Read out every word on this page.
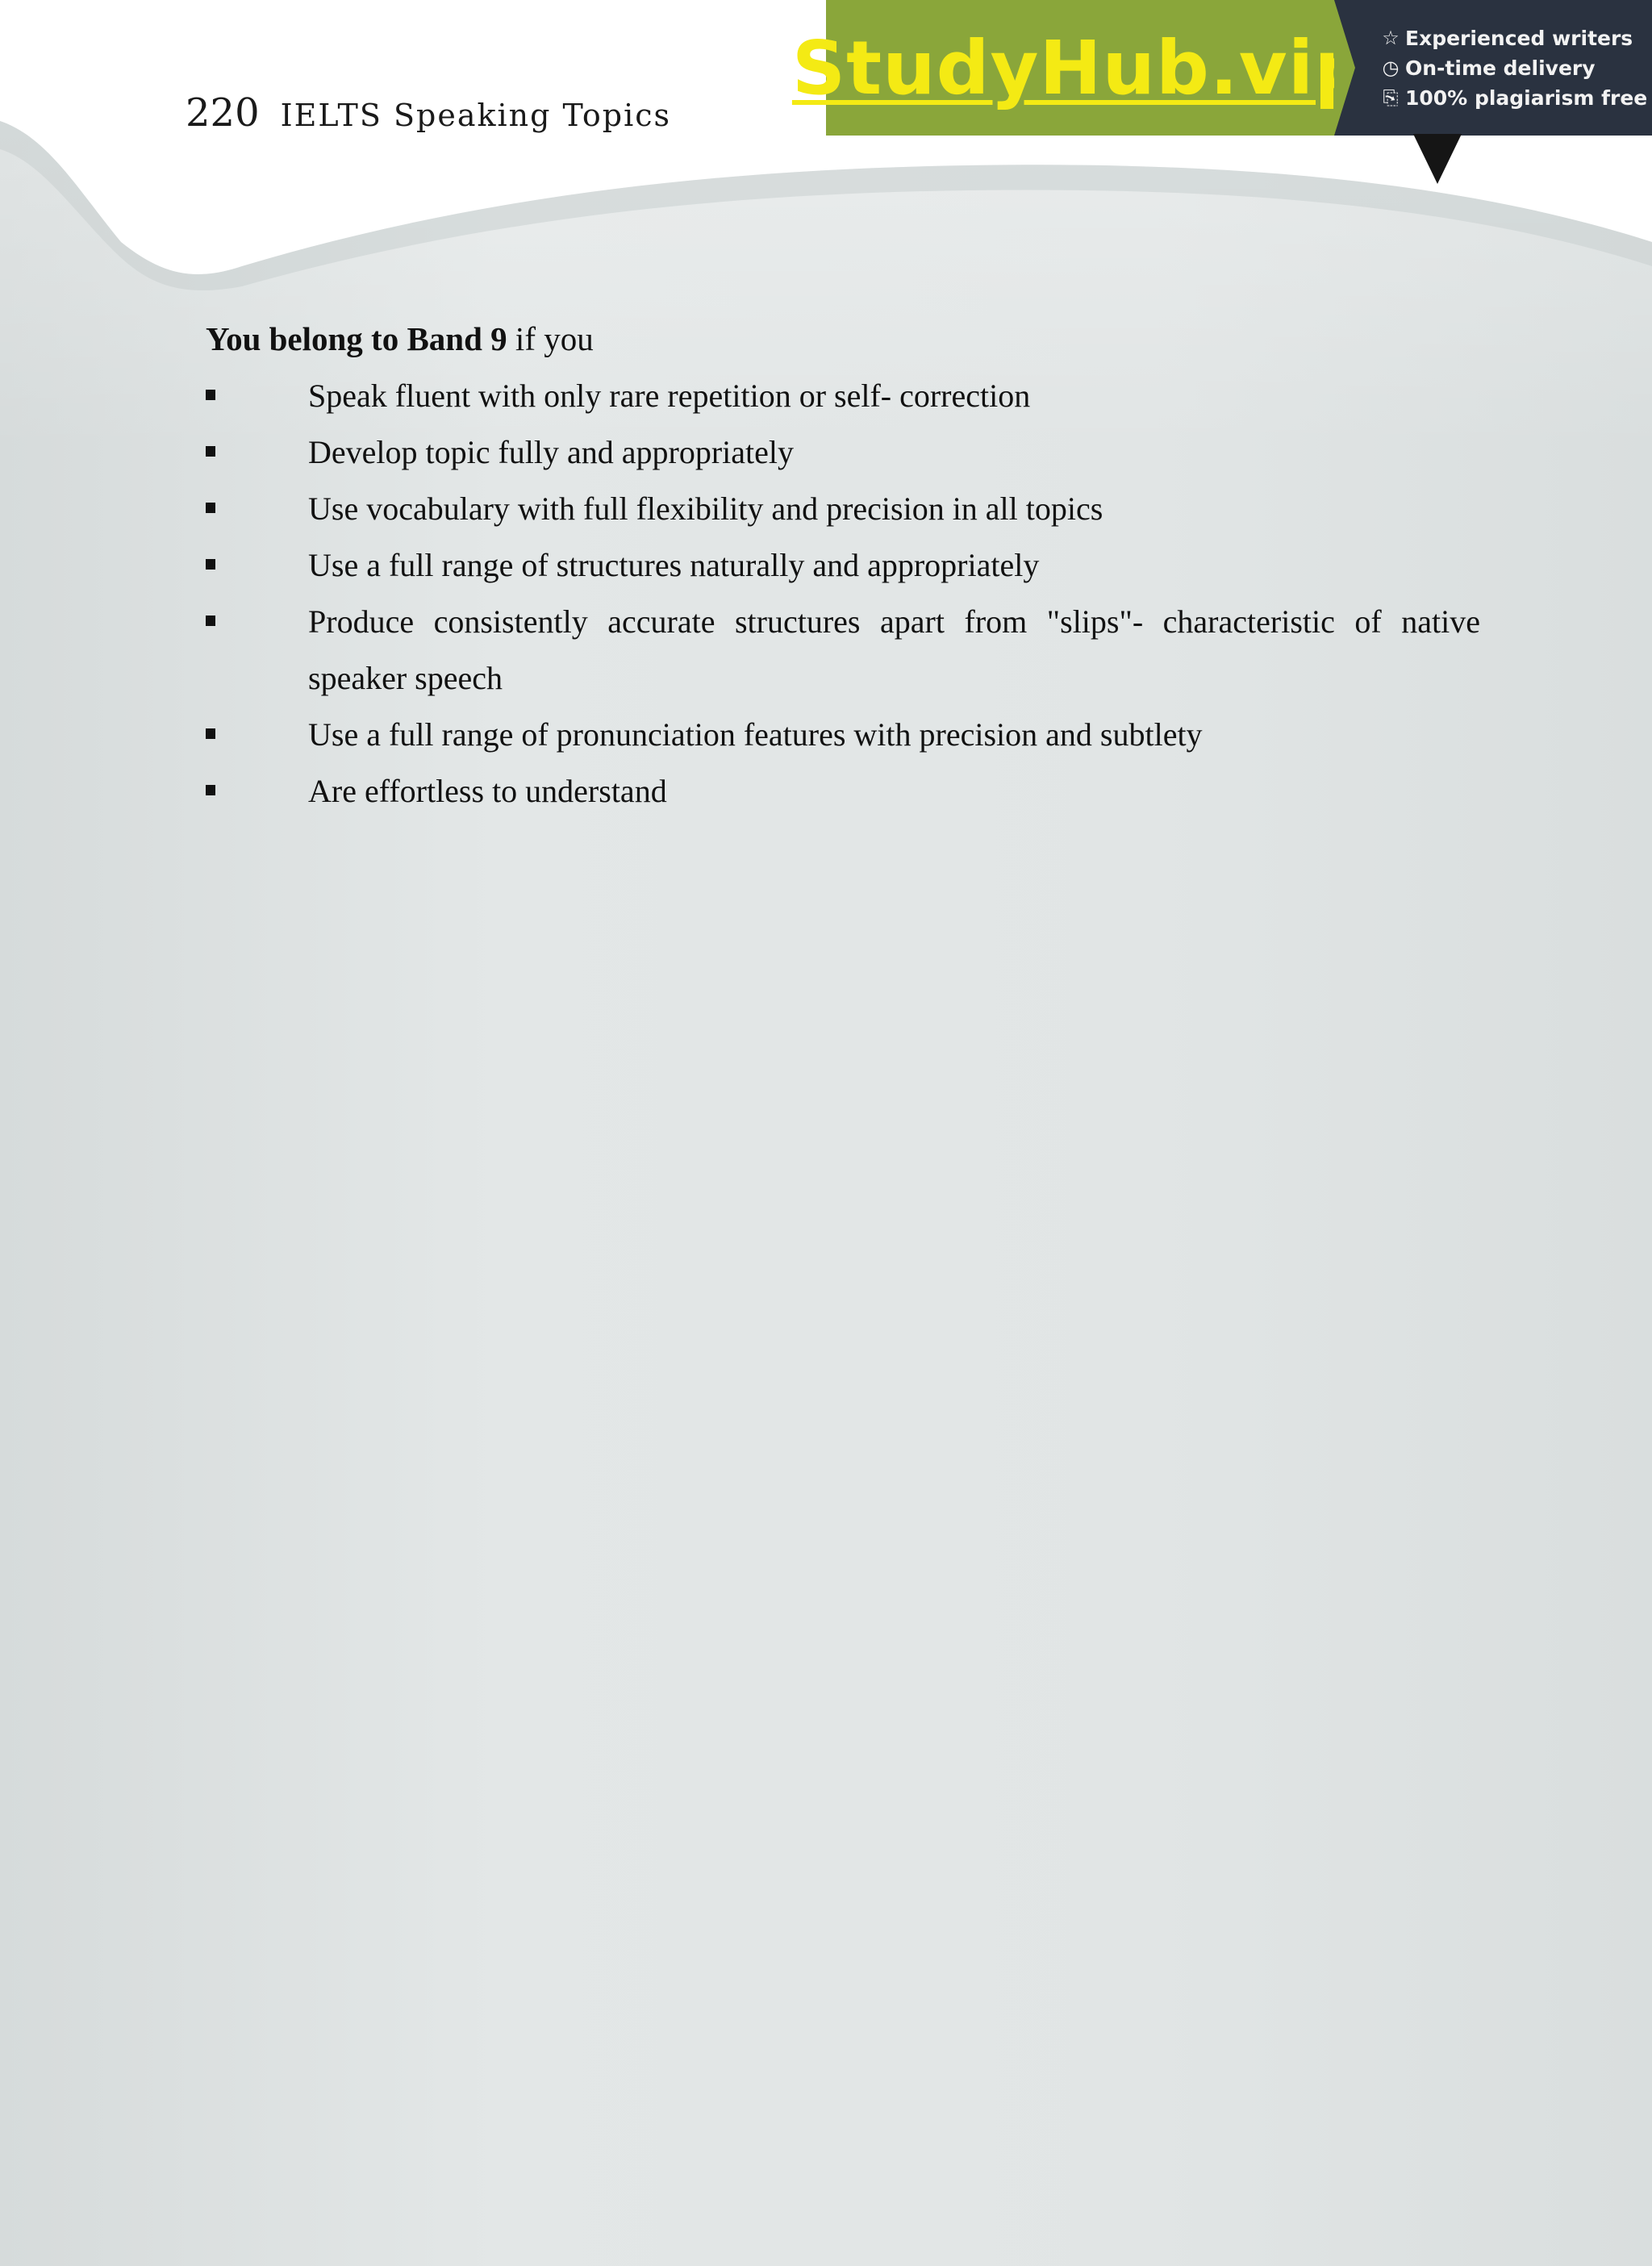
220 IELTS Speaking Topics
StudyHub.vip ☆ Experienced writers
◷ On-time delivery
⎘ 100% plagiarism free

You belong to Band 9 if you

Speak fluent with only rare repetition or self- correction
Develop topic fully and appropriately
Use vocabulary with full flexibility and precision in all topics
Use a full range of structures naturally and appropriately
Produce consistently accurate structures apart from "slips"- characteristic of native speaker speech
Use a full range of pronunciation features with precision and subtlety
Are effortless to understand
